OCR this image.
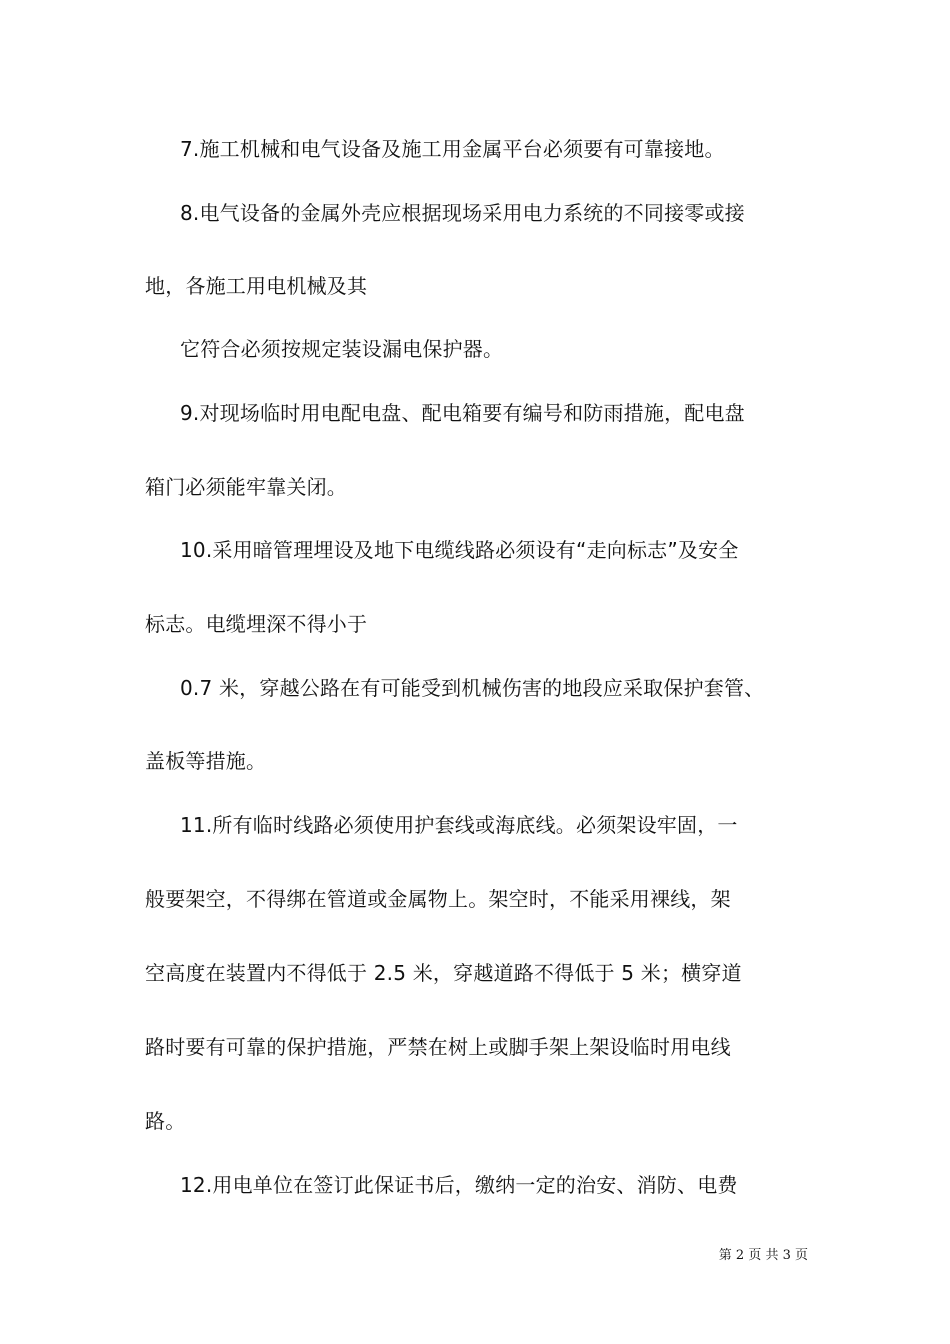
7.施工机械和电气设备及施工用金属平台必须要有可靠接地。
8.电气设备的金属外壳应根据现场采用电力系统的不同接零或接
地，各施工用电机械及其
它符合必须按规定装设漏电保护器。
9.对现场临时用电配电盘、配电箱要有编号和防雨措施，配电盘
箱门必须能牢靠关闭。
10.采用暗管理埋设及地下电缆线路必须设有“走向标志”及安全
标志。电缆埋深不得小于
0.7 米，穿越公路在有可能受到机械伤害的地段应采取保护套管、
盖板等措施。
11.所有临时线路必须使用护套线或海底线。必须架设牢固，一
般要架空，不得绑在管道或金属物上。架空时，不能采用裸线，架
空高度在装置内不得低于 2.5 米，穿越道路不得低于 5 米；横穿道
路时要有可靠的保护措施，严禁在树上或脚手架上架设临时用电线
路。
12.用电单位在签订此保证书后，缴纳一定的治安、消防、电费
第 2 页 共 3 页
